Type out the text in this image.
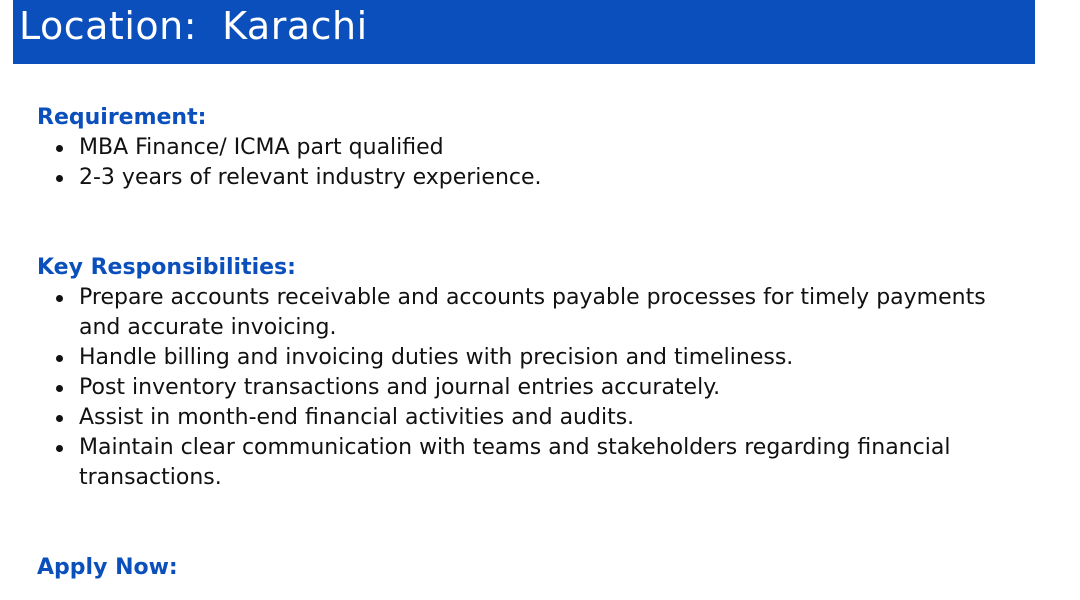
Location:  Karachi
Requirement:
MBA Finance/ ICMA part qualified
2-3 years of relevant industry experience.
Key Responsibilities:
Prepare accounts receivable and accounts payable processes for timely payments and accurate invoicing.
Handle billing and invoicing duties with precision and timeliness.
Post inventory transactions and journal entries accurately.
Assist in month-end financial activities and audits.
Maintain clear communication with teams and stakeholders regarding financial transactions.
Apply Now:
